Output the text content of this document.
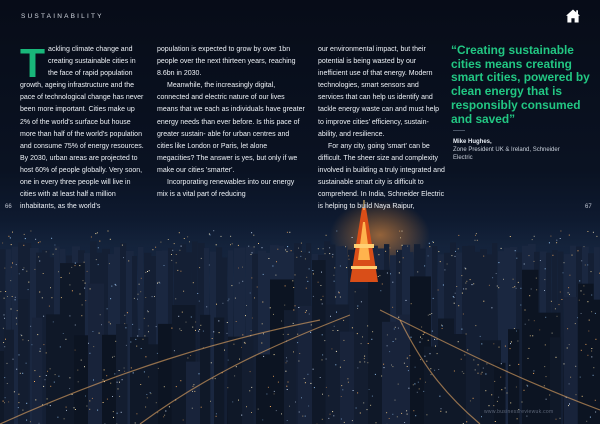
SUSTAINABILITY

Tackling climate change and creating sustainable cities in the face of rapid population growth, ageing infrastructure and the pace of technological change has never been more important. Cities make up 2% of the world's surface but house more than half of the world's population and consume 75% of energy resources. By 2030, urban areas are projected to host 60% of people globally. Very soon, one in every three people will live in cities with at least half a million inhabitants, as the world's

population is expected to grow by over 1bn people over the next thirteen years, reaching 8.6bn in 2030.

Meanwhile, the increasingly digital, connected and electric nature of our lives means that we each as individuals have greater energy needs than ever before. Is this pace of greater sustain- able for urban centres and cities like London or Paris, let alone megacities? The answer is yes, but only if we make our cities 'smarter'.

Incorporating renewables into our energy mix is a vital part of reducing

our environmental impact, but their potential is being wasted by our inefficient use of that energy. Modern technologies, smart sensors and services that can help us identify and tackle energy waste can and must help to improve cities' efficiency, sustain- ability, and resilience.

For any city, going 'smart' can be difficult. The sheer size and complexity involved in building a truly integrated and sustainable smart city is difficult to comprehend. In India, Schneider Electric is helping to build Naya Raipur,

“Creating sustainable cities means creating smart cities, powered by clean energy that is responsibly consumed and saved”
Mike Hughes,
Zone President UK & Ireland, Schneider Electric
66	67
www.businessreviewuk.com
